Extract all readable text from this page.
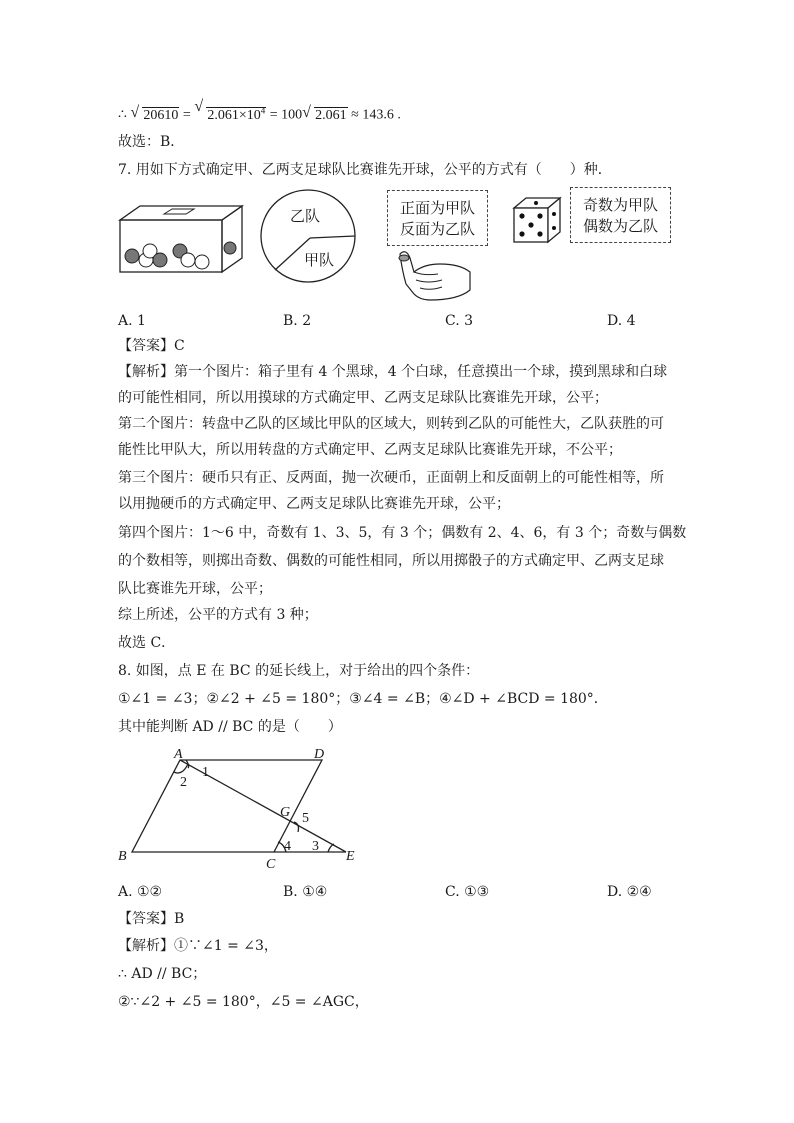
∴ √ 20610 = √ $2.061\times 10^4 = 100√$ 2.061 ≈ 143.6 .
故选：B．
7. 用如下方式确定甲、乙两支足球队比赛谁先开球，公平的方式有（　　）种．
乙队
甲队
正面为甲队
反面为乙队
奇数为甲队
偶数为乙队
A. 1	B. 2	C. 3	D. 4
【答案】C
【解析】第一个图片：箱子里有 4 个黑球，4 个白球，任意摸出一个球，摸到黑球和白球
的可能性相同，所以用摸球的方式确定甲、乙两支足球队比赛谁先开球，公平；
第二个图片：转盘中乙队的区域比甲队的区域大，则转到乙队的可能性大，乙队获胜的可
能性比甲队大，所以用转盘的方式确定甲、乙两支足球队比赛谁先开球，不公平；
第三个图片：硬币只有正、反两面，抛一次硬币，正面朝上和反面朝上的可能性相等，所
以用抛硬币的方式确定甲、乙两支足球队比赛谁先开球，公平；
第四个图片：1～6 中，奇数有 1、3、5，有 3 个；偶数有 2、4、6，有 3 个；奇数与偶数
的个数相等，则掷出奇数、偶数的可能性相同，所以用掷骰子的方式确定甲、乙两支足球
队比赛谁先开球，公平；
综上所述，公平的方式有 3 种；
故选 C．
8. 如图，点 E 在 BC 的延长线上，对于给出的四个条件：
①∠1 = ∠3；②∠2 + ∠5 = 180°；③∠4 = ∠B；④∠D + ∠BCD = 180°．
其中能判断 AD // BC 的是（　　）
A	D
B
C
E
G
1
2
3
4
5
A. ①②	B. ①④	C. ①③	D. ②④
【答案】B
【解析】①∵∠1 = ∠3，
∴ AD // BC；
②∵∠2 + ∠5 = 180°，∠5 = ∠AGC，
